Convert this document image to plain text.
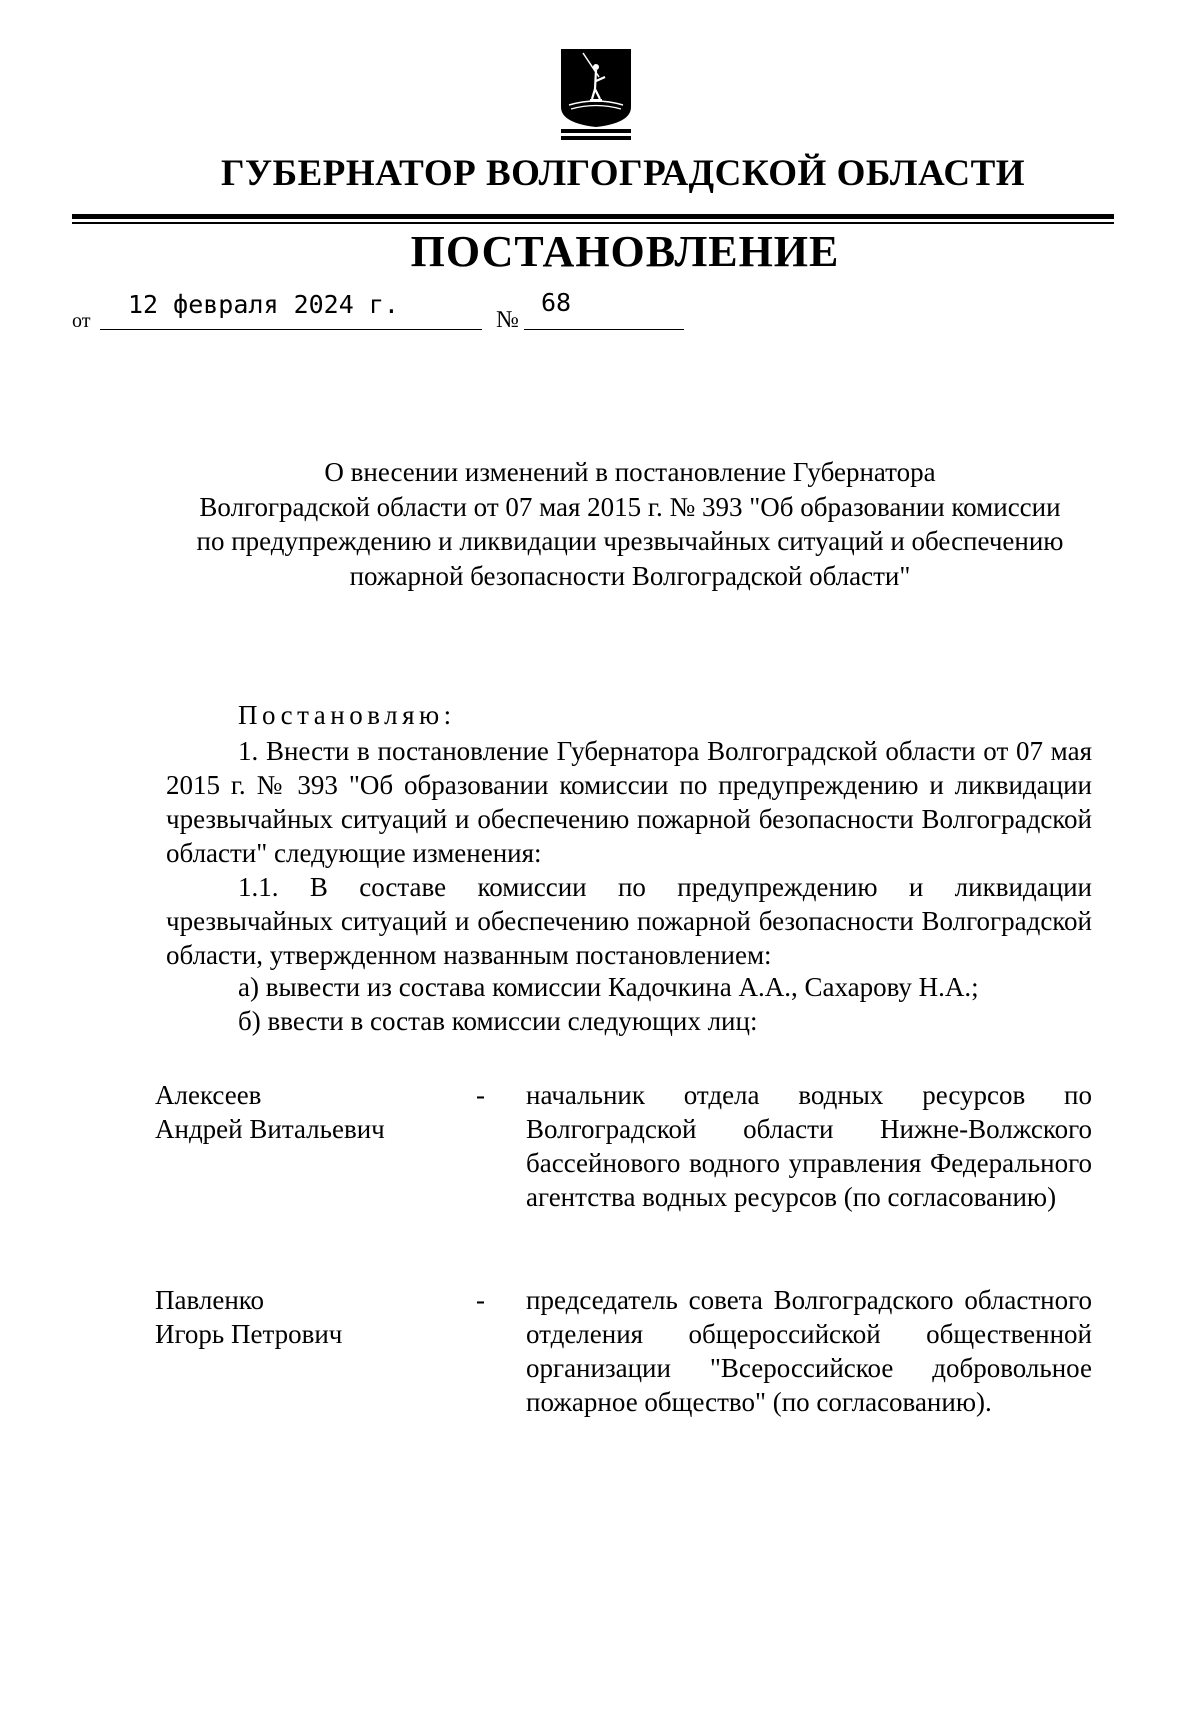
ГУБЕРНАТОР ВОЛГОГРАДСКОЙ ОБЛАСТИ
ПОСТАНОВЛЕНИЕ
от
12 февраля 2024 г.
№
68
О внесении изменений в постановление Губернатора
Волгоградской области от 07 мая 2015 г. № 393 "Об образовании комиссии
по предупреждению и ликвидации чрезвычайных ситуаций и обеспечению
пожарной безопасности Волгоградской области"
Постановляю:
1. Внести в постановление Губернатора Волгоградской области от 07 мая 2015 г. № 393 "Об образовании комиссии по предупреждению и ликвидации чрезвычайных ситуаций и обеспечению пожарной безопасности Волгоградской области" следующие изменения:
1.1. В составе комиссии по предупреждению и ликвидации чрезвычайных ситуаций и обеспечению пожарной безопасности Волгоградской области, утвержденном названным постановлением:
а) вывести из состава комиссии Кадочкина А.А., Сахарову Н.А.;
б) ввести в состав комиссии следующих лиц:
Алексеев
Андрей Витальевич
- начальник отдела водных ресурсов по Волгоградской области Нижне-Волжского бассейнового водного управления Федерального агентства водных ресурсов (по согласованию)
Павленко
Игорь Петрович
- председатель совета Волгоградского областного отделения общероссийской общественной организации "Всероссийское добровольное пожарное общество" (по согласованию).
